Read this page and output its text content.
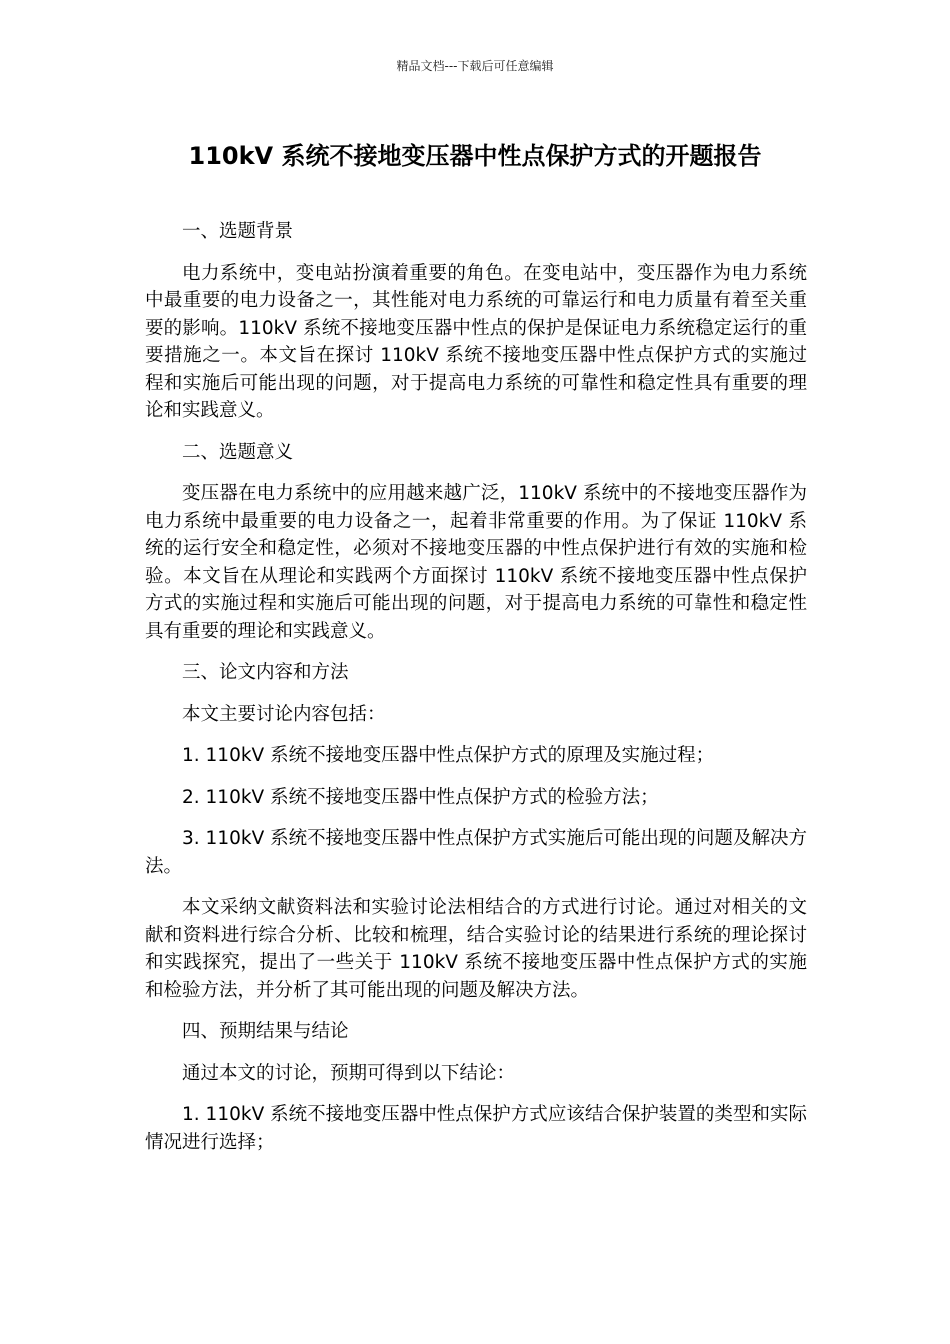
精品文档---下载后可任意编辑
110kV 系统不接地变压器中性点保护方式的开题报告

一、选题背景

电力系统中，变电站扮演着重要的角色。在变电站中，变压器作为电力系统中最重要的电力设备之一，其性能对电力系统的可靠运行和电力质量有着至关重要的影响。110kV 系统不接地变压器中性点的保护是保证电力系统稳定运行的重要措施之一。本文旨在探讨 110kV 系统不接地变压器中性点保护方式的实施过程和实施后可能出现的问题，对于提高电力系统的可靠性和稳定性具有重要的理论和实践意义。

二、选题意义

变压器在电力系统中的应用越来越广泛，110kV 系统中的不接地变压器作为电力系统中最重要的电力设备之一，起着非常重要的作用。为了保证 110kV 系统的运行安全和稳定性，必须对不接地变压器的中性点保护进行有效的实施和检验。本文旨在从理论和实践两个方面探讨 110kV 系统不接地变压器中性点保护方式的实施过程和实施后可能出现的问题，对于提高电力系统的可靠性和稳定性具有重要的理论和实践意义。

三、论文内容和方法

本文主要讨论内容包括：

1. 110kV 系统不接地变压器中性点保护方式的原理及实施过程；

2. 110kV 系统不接地变压器中性点保护方式的检验方法；

3. 110kV 系统不接地变压器中性点保护方式实施后可能出现的问题及解决方法。

本文采纳文献资料法和实验讨论法相结合的方式进行讨论。通过对相关的文献和资料进行综合分析、比较和梳理，结合实验讨论的结果进行系统的理论探讨和实践探究，提出了一些关于 110kV 系统不接地变压器中性点保护方式的实施和检验方法，并分析了其可能出现的问题及解决方法。

四、预期结果与结论

通过本文的讨论，预期可得到以下结论：

1. 110kV 系统不接地变压器中性点保护方式应该结合保护装置的类型和实际情况进行选择；
